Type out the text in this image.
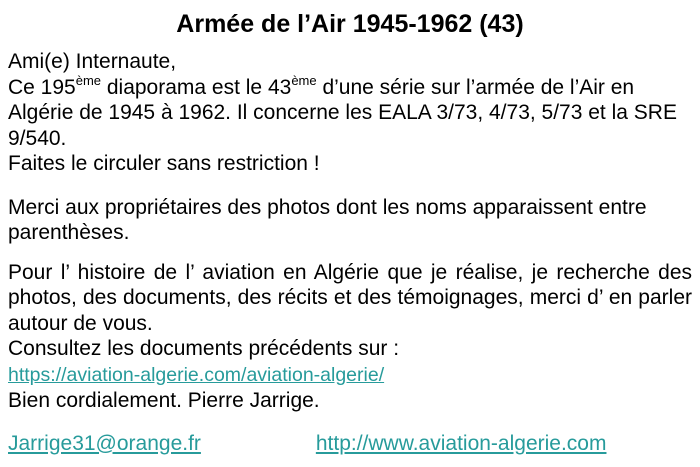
Armée de l’Air 1945-1962 (43)

Ami(e) Internaute,
Ce 195ème diaporama est le 43ème d’une série sur l’armée de l’Air en Algérie de 1945 à 1962. Il concerne les EALA 3/73, 4/73, 5/73 et la SRE 9/540.
Faites le circuler sans restriction !

Merci aux propriétaires des photos dont les noms apparaissent entre parenthèses.

Pour l’ histoire de l’ aviation en Algérie que je réalise, je recherche des photos, des documents, des récits et des témoignages, merci d’ en parler autour de vous.

Consultez les documents précédents sur :

https://aviation-algerie.com/aviation-algerie/

Bien cordialement. Pierre Jarrige.

Jarrige31@orange.fr	http://www.aviation-algerie.com
